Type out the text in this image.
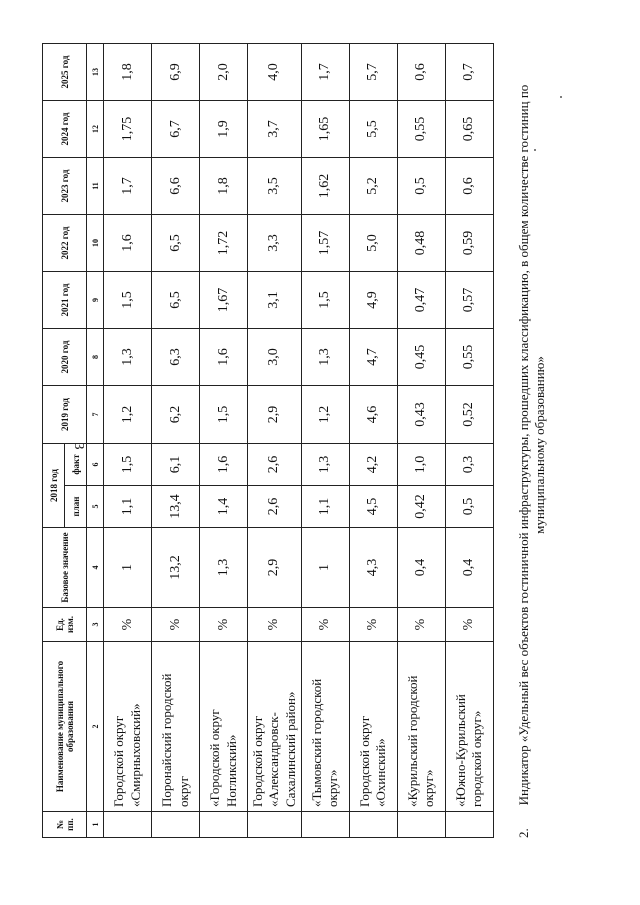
3
№ пп.	Наименование муниципального образования	Ед. изм.	Базовое значение	2018 год		2019 год	2020 год	2021 год	2022 год	2023 год	2024 год	2025 год
				план	факт							
1	2	3	4	5	6	7	8	9	10	11	12	13
	Городской округ «Смирныховский»	%	1	1,1	1,5	1,2	1,3	1,5	1,6	1,7	1,75	1,8
	Поронайский городской округ	%	13,2	13,4	6,1	6,2	6,3	6,5	6,5	6,6	6,7	6,9
	«Городской округ Ногликский»	%	1,3	1,4	1,6	1,5	1,6	1,67	1,72	1,8	1,9	2,0
	Городской округ «Александровск-Сахалинский район»	%	2,9	2,6	2,6	2,9	3,0	3,1	3,3	3,5	3,7	4,0
	«Тымовский городской округ»	%	1	1,1	1,3	1,2	1,3	1,5	1,57	1,62	1,65	1,7
	Городской округ «Охинский»	%	4,3	4,5	4,2	4,6	4,7	4,9	5,0	5,2	5,5	5,7
	«Курильский городской округ»	%	0,4	0,42	1,0	0,43	0,45	0,47	0,48	0,5	0,55	0,6
	«Южно-Курильский городской округ»	%	0,4	0,5	0,3	0,52	0,55	0,57	0,59	0,6	0,65	0,7
2.
Индикатор «Удельный вес объектов гостиничной инфраструктуры, прошедших классификацию, в общем количестве гостиниц по муниципальному образованию»
